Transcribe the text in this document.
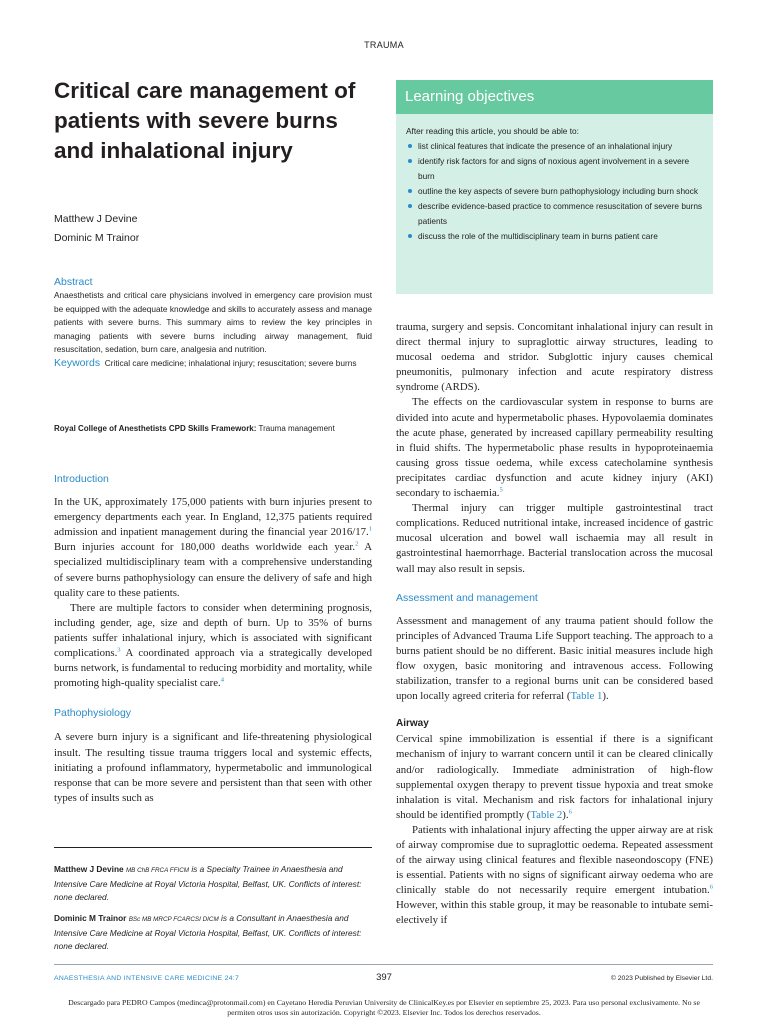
TRAUMA
Critical care management of patients with severe burns and inhalational injury
Matthew J Devine
Dominic M Trainor
Learning objectives
After reading this article, you should be able to:
list clinical features that indicate the presence of an inhalational injury
identify risk factors for and signs of noxious agent involvement in a severe burn
outline the key aspects of severe burn pathophysiology including burn shock
describe evidence-based practice to commence resuscitation of severe burns patients
discuss the role of the multidisciplinary team in burns patient care
Abstract

Anaesthetists and critical care physicians involved in emergency care provision must be equipped with the adequate knowledge and skills to accurately assess and manage patients with severe burns. This summary aims to review the key principles in managing patients with severe burns including airway management, fluid resuscitation, sedation, burn care, analgesia and nutrition.

Keywords Critical care medicine; inhalational injury; resuscitation; severe burns

Royal College of Anesthetists CPD Skills Framework: Trauma management
Introduction

In the UK, approximately 175,000 patients with burn injuries present to emergency departments each year. In England, 12,375 patients required admission and inpatient management during the financial year 2016/17.$^1$ Burn injuries account for 180,000 deaths worldwide each year.$^2$ A specialized multidisciplinary team with a comprehensive understanding of severe burns pathophysiology can ensure the delivery of safe and high quality care to these patients.

There are multiple factors to consider when determining prognosis, including gender, age, size and depth of burn. Up to 35% of burns patients suffer inhalational injury, which is associated with significant complications.$^3$ A coordinated approach via a strategically developed burns network, is fundamental to reducing morbidity and mortality, while promoting high-quality specialist care.$^4$

Pathophysiology

A severe burn injury is a significant and life-threatening physiological insult. The resulting tissue trauma triggers local and systemic effects, initiating a profound inflammatory, hypermetabolic and immunological response that can be more severe and persistent than that seen with other types of insults such as

trauma, surgery and sepsis. Concomitant inhalational injury can result in direct thermal injury to supraglottic airway structures, leading to mucosal oedema and stridor. Subglottic injury causes chemical pneumonitis, pulmonary infection and acute respiratory distress syndrome (ARDS).

The effects on the cardiovascular system in response to burns are divided into acute and hypermetabolic phases. Hypovolaemia dominates the acute phase, generated by increased capillary permeability resulting in fluid shifts. The hypermetabolic phase results in hypoproteinaemia causing gross tissue oedema, while excess catecholamine synthesis precipitates cardiac dysfunction and acute kidney injury (AKI) secondary to ischaemia.$^5$

Thermal injury can trigger multiple gastrointestinal tract complications. Reduced nutritional intake, increased incidence of gastric mucosal ulceration and bowel wall ischaemia may all result in gastrointestinal haemorrhage. Bacterial translocation across the mucosal wall may also result in sepsis.

Assessment and management

Assessment and management of any trauma patient should follow the principles of Advanced Trauma Life Support teaching. The approach to a burns patient should be no different. Basic initial measures include high flow oxygen, basic monitoring and intravenous access. Following stabilization, transfer to a regional burns unit can be considered based upon locally agreed criteria for referral (Table 1).

Airway

Cervical spine immobilization is essential if there is a significant mechanism of injury to warrant concern until it can be cleared clinically and/or radiologically. Immediate administration of high-flow supplemental oxygen therapy to prevent tissue hypoxia and treat smoke inhalation is vital. Mechanism and risk factors for inhalational injury should be identified promptly (Table 2).$^6$

Patients with inhalational injury affecting the upper airway are at risk of airway compromise due to supraglottic oedema. Repeated assessment of the airway using clinical features and flexible naseondoscopy (FNE) is essential. Patients with no signs of significant airway oedema who are clinically stable do not necessarily require emergent intubation.$^6$ However, within this stable group, it may be reasonable to intubate semi-electively if

Matthew J Devine MB ChB FRCA FFICM is a Specialty Trainee in Anaesthesia and Intensive Care Medicine at Royal Victoria Hospital, Belfast, UK. Conflicts of interest: none declared.

Dominic M Trainor BSc MB MRCP FCARCSI DICM is a Consultant in Anaesthesia and Intensive Care Medicine at Royal Victoria Hospital, Belfast, UK. Conflicts of interest: none declared.

ANAESTHESIA AND INTENSIVE CARE MEDICINE 24:7	397	© 2023 Published by Elsevier Ltd.
Descargado para PEDRO Campos (medinca@protonmail.com) en Cayetano Heredia Peruvian University de ClinicalKey.es por Elsevier en septiembre 25, 2023. Para uso personal exclusivamente. No se permiten otros usos sin autorización. Copyright ©2023. Elsevier Inc. Todos los derechos reservados.
